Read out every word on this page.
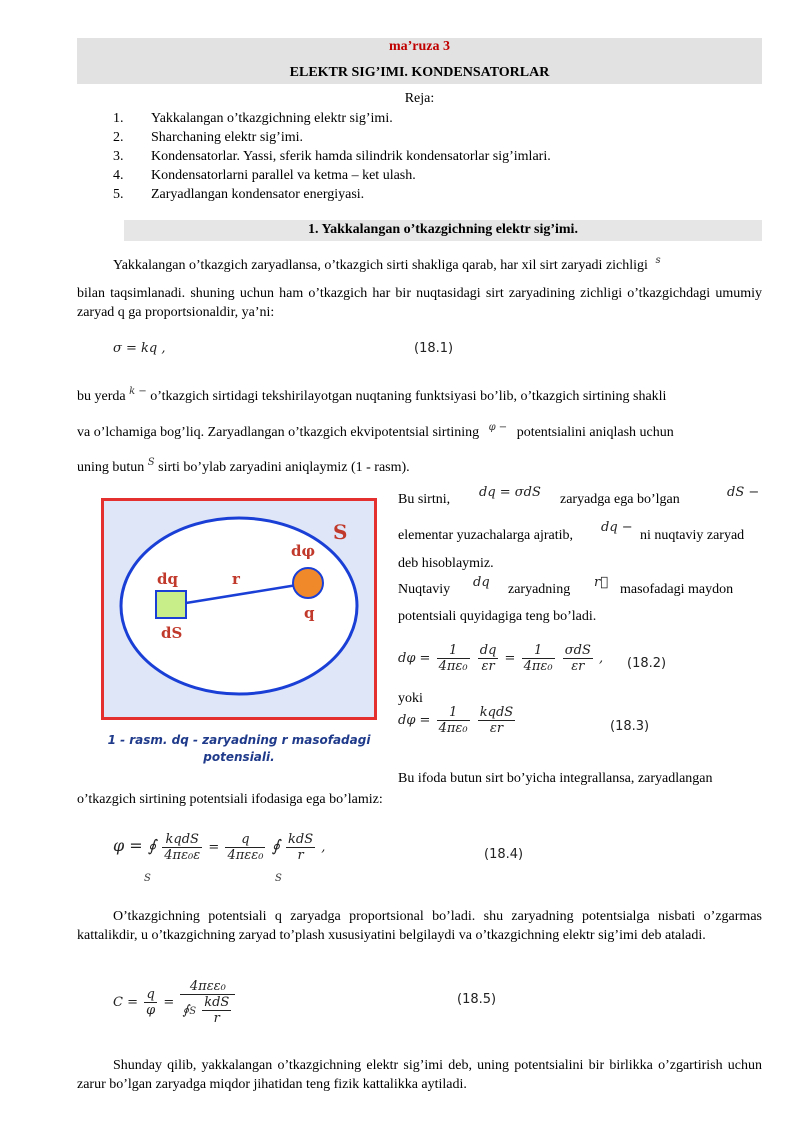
ma’ruza 3
ELEKTR SIG’IMI. KONDENSATORLAR
Reja:
1. Yakkalangan o’tkazgichning elektr sig’imi.
2. Sharchaning elektr sig’imi.
3. Kondensatorlar. Yassi, sferik hamda silindrik kondensatorlar sig’imlari.
4. Kondensatorlarni parallel va ketma – ket ulash.
5. Zaryadlangan kondensator energiyasi.
1. Yakkalangan o’tkazgichning elektr sig’imi.
Yakkalangan o’tkazgich zaryadlansa, o’tkazgich sirti shakliga qarab, har xil sirt zaryadi zichligi $^s$
bilan taqsimlanadi. shuning uchun ham o’tkazgich har bir nuqtasidagi sirt zaryadining zichligi o’tkazgichdagi umumiy zaryad q ga proportsionaldir, ya’ni:
σ = kq ,	(18.1)
bu yerda $^{k -}$ o’tkazgich sirtidagi tekshirilayotgan nuqtaning funktsiyasi bo’lib, o’tkazgich sirtining shakli
va o’lchamiga bog’liq. Zaryadlangan o’tkazgich ekvipotentsial sirtining $^{\varphi -}$ potentsialini aniqlash uchun
uning butun $^S$ sirti bo’ylab zaryadini aniqlaymiz (1 - rasm).
S
dφ
dq	r
q
dS
1 - rasm. dq - zaryadning r masofadagi
potensiali.
Bu sirtni, dq = σdS zaryadga ega bo’lgan	dS −
elementar yuzachalarga ajratib,
dq −
ni nuqtaviy zaryad
deb hisoblaymiz.
Nuqtaviy dq zaryadning r⃗ masofadagi maydon
potentsiali quyidagiga teng bo’ladi.
$d\varphi = \frac{1}{\text{4πε₀}}$
$\frac{dq}{\varepsilon r} = \frac{1}{\text{4πε₀}}$
$\frac{\text{σdS}}{\varepsilon r}$ , (18.2)
yoki
$d\varphi = \frac{1}{\text{4πε₀}}$
$\frac{\text{kqdS}}{\varepsilon r}$	(18.3)
Bu ifoda butun sirt bo’yicha integrallansa, zaryadlangan
o’tkazgich sirtining potentsiali ifodasiga ega bo’lamiz:
φ = ∮ $\frac{\text{kqdS}}{\text{4πε₀ε}} = \frac{q}{\text{4πεε₀}}$ ∮ $\frac{\text{kdS}}{r}$ ,
S	S
(18.4)
O’tkazgichning potentsiali q zaryadga proportsional bo’ladi. shu zaryadning potentsialga nisbati o’zgarmas kattalikdir, u o’tkazgichning zaryad to’plash xususiyatini belgilaydi va o’tkazgichning elektr sig’imi deb ataladi.
$C = \frac{q}{\varphi} = \frac{\text{4πεε₀}}{∮S \frac{\text{kdS}}{r}}$	(18.5)
Shunday qilib, yakkalangan o’tkazgichning elektr sig’imi deb, uning potentsialini bir birlikka o’zgartirish uchun zarur bo’lgan zaryadga miqdor jihatidan teng fizik kattalikka aytiladi.
